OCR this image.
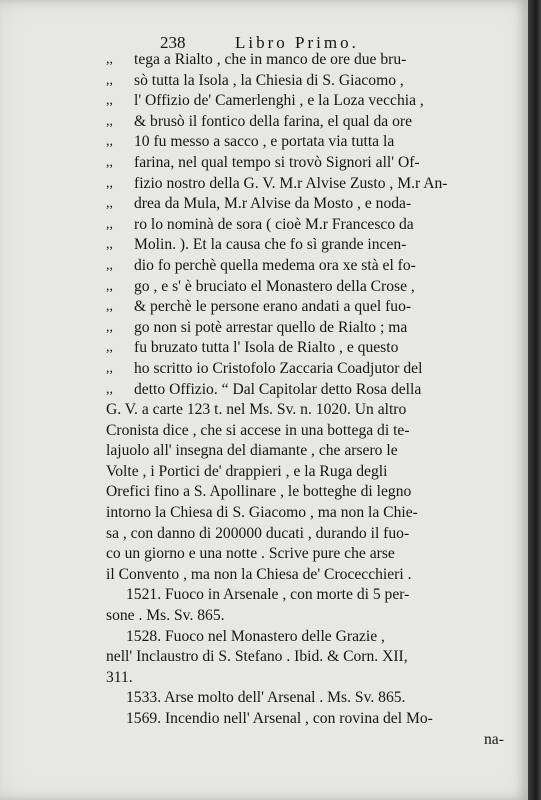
238	Libro Primo.
,,	tega a Rialto , che in manco de ore due bru-
,,	sò tutta la Isola , la Chiesia di S. Giacomo ,
,,	l' Offizio de' Camerlenghi , e la Loza vecchia ,
,,	& brusò il fontico della farina, el qual da ore
,,	10 fu messo a sacco , e portata via tutta la
,,	farina, nel qual tempo si trovò Signori all' Of-
,,	fizio nostro della G. V. M.r Alvise Zusto , M.r An-
,,	drea da Mula, M.r Alvise da Mosto , e noda-
,,	ro lo nominà de sora ( cioè M.r Francesco da
,,	Molin. ). Et la causa che fo sì grande incen-
,,	dio fo perchè quella medema ora xe stà el fo-
,,	go , e s' è bruciato el Monastero della Crose ,
,,	& perchè le persone erano andati a quel fuo-
,,	go non si potè arrestar quello de Rialto ; ma
,,	fu bruzato tutta l' Isola de Rialto , e questo
,,	ho scritto io Cristofolo Zaccaria Coadjutor del
,,	detto Offizio. “ Dal Capitolar detto Rosa della
G. V. a carte 123 t. nel Ms. Sv. n. 1020. Un altro
Cronista dice , che si accese in una bottega di te-
lajuolo all' insegna del diamante , che arsero le
Volte , i Portici de' drappieri , e la Ruga degli
Orefici fino a S. Apollinare , le botteghe di legno
intorno la Chiesa di S. Giacomo , ma non la Chie-
sa , con danno di 200000 ducati , durando il fuo-
co un giorno e una notte . Scrive pure che arse
il Convento , ma non la Chiesa de' Crocecchieri .
1521. Fuoco in Arsenale , con morte di 5 per-
sone . Ms. Sv. 865.
1528. Fuoco nel Monastero delle Grazie ,
nell' Inclaustro di S. Stefano . Ibid. & Corn. XII,
311.
1533. Arse molto dell' Arsenal . Ms. Sv. 865.
1569. Incendio nell' Arsenal , con rovina del Mo-
na-
